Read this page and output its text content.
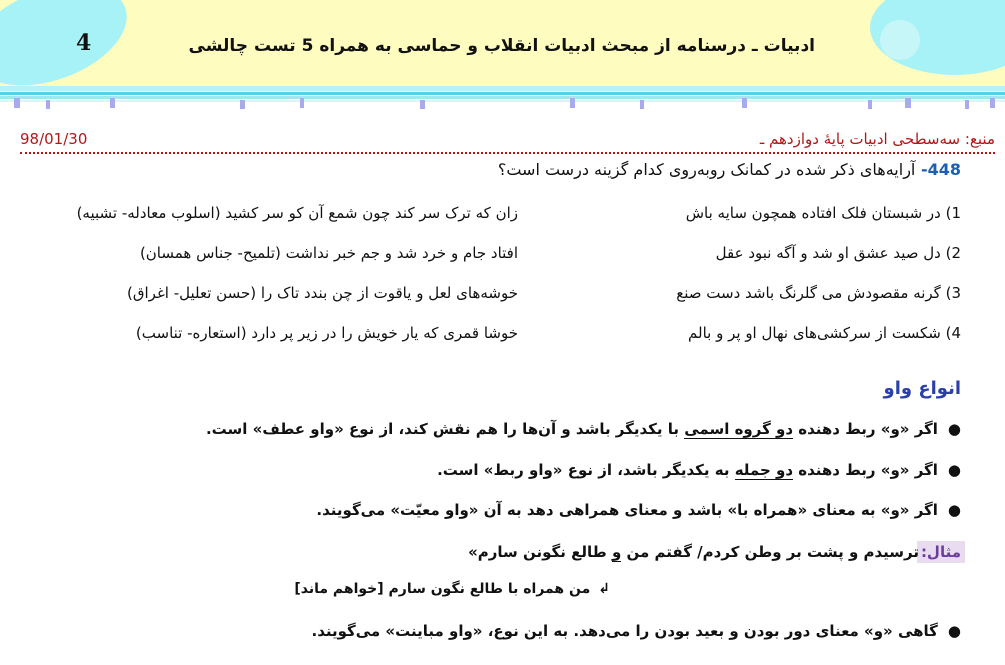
ادبیات ـ درسنامه از مبحث ادبیات انقلاب و حماسی به همراه 5 تست چالشی
4
منبع: سه‌سطحی ادبیات پایهٔ دوازدهم ـ
98/01/30
448- آرایه‌های ذکر شده در کمانک روبه‌روی کدام گزینه درست است؟
1) در شبستان فلک افتاده همچون سایه باش
زان که ترک سر کند چون شمع آن کو سر کشید (اسلوب معادله- تشبیه)
2) دل صید عشق او شد و آگه نبود عقل
افتاد جام و خرد شد و جم خبر نداشت (تلمیح- جناس همسان)
3) گرنه مقصودش می گلرنگ باشد دست صنع
خوشه‌های لعل و یاقوت از چن بندد تاک را (حسن تعلیل- اغراق)
4) شکست از سرکشی‌های نهال او پر و بالم
خوشا قمری که یار خویش را در زیر پر دارد (استعاره- تناسب)
انواع واو
●اگر «و» ربط دهنده دو گروه اسمی با یکدیگر باشد و آن‌ها را هم نقش کند، از نوع «واو عطف» است.
●اگر «و» ربط دهنده دو جمله به یکدیگر باشد، از نوع «واو ربط» است.
●اگر «و» به معنای «همراه با» باشد و معنای همراهی دهد به آن «واو معیّت» می‌گویند.
مثال:
ترسیدم و پشت بر وطن کردم/ گفتم من و طالع نگونن سارم»
↲من همراه با طالع نگون سارم [خواهم ماند]
●گاهی «و» معنای دور بودن و بعید بودن را می‌دهد. به این نوع، «واو مباینت» می‌گویند.
